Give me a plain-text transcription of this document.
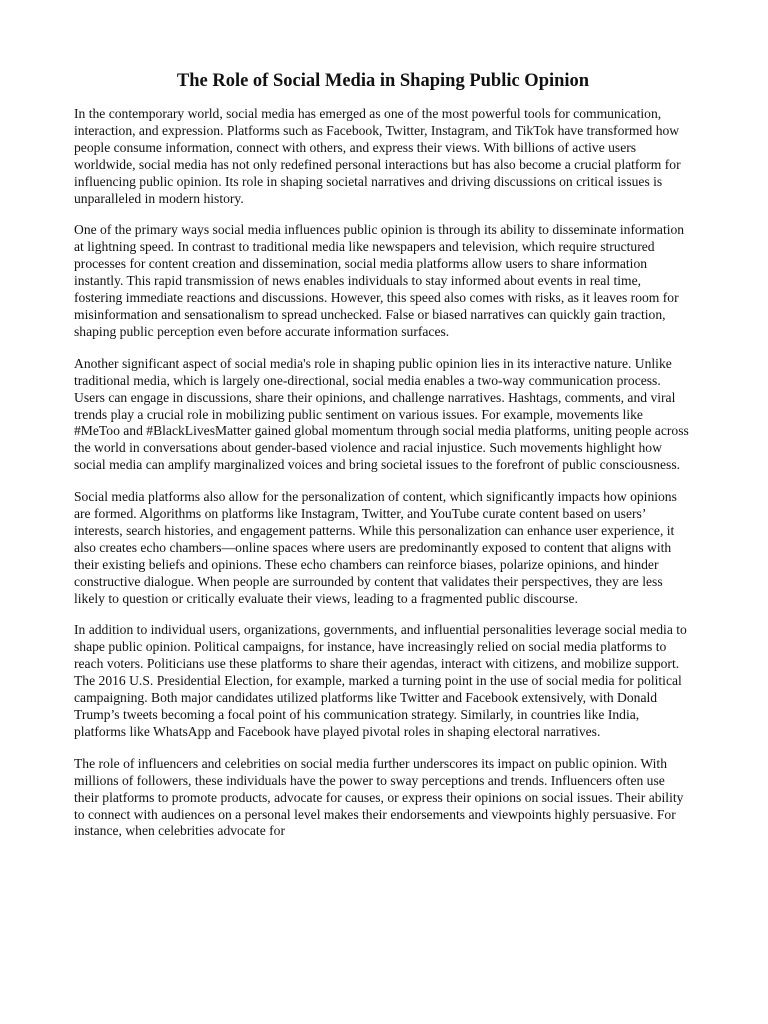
The Role of Social Media in Shaping Public Opinion

In the contemporary world, social media has emerged as one of the most powerful tools for communication, interaction, and expression. Platforms such as Facebook, Twitter, Instagram, and TikTok have transformed how people consume information, connect with others, and express their views. With billions of active users worldwide, social media has not only redefined personal interactions but has also become a crucial platform for influencing public opinion. Its role in shaping societal narratives and driving discussions on critical issues is unparalleled in modern history.

One of the primary ways social media influences public opinion is through its ability to disseminate information at lightning speed. In contrast to traditional media like newspapers and television, which require structured processes for content creation and dissemination, social media platforms allow users to share information instantly. This rapid transmission of news enables individuals to stay informed about events in real time, fostering immediate reactions and discussions. However, this speed also comes with risks, as it leaves room for misinformation and sensationalism to spread unchecked. False or biased narratives can quickly gain traction, shaping public perception even before accurate information surfaces.

Another significant aspect of social media's role in shaping public opinion lies in its interactive nature. Unlike traditional media, which is largely one-directional, social media enables a two-way communication process. Users can engage in discussions, share their opinions, and challenge narratives. Hashtags, comments, and viral trends play a crucial role in mobilizing public sentiment on various issues. For example, movements like #MeToo and #BlackLivesMatter gained global momentum through social media platforms, uniting people across the world in conversations about gender-based violence and racial injustice. Such movements highlight how social media can amplify marginalized voices and bring societal issues to the forefront of public consciousness.

Social media platforms also allow for the personalization of content, which significantly impacts how opinions are formed. Algorithms on platforms like Instagram, Twitter, and YouTube curate content based on users’ interests, search histories, and engagement patterns. While this personalization can enhance user experience, it also creates echo chambers—online spaces where users are predominantly exposed to content that aligns with their existing beliefs and opinions. These echo chambers can reinforce biases, polarize opinions, and hinder constructive dialogue. When people are surrounded by content that validates their perspectives, they are less likely to question or critically evaluate their views, leading to a fragmented public discourse.

In addition to individual users, organizations, governments, and influential personalities leverage social media to shape public opinion. Political campaigns, for instance, have increasingly relied on social media platforms to reach voters. Politicians use these platforms to share their agendas, interact with citizens, and mobilize support. The 2016 U.S. Presidential Election, for example, marked a turning point in the use of social media for political campaigning. Both major candidates utilized platforms like Twitter and Facebook extensively, with Donald Trump’s tweets becoming a focal point of his communication strategy. Similarly, in countries like India, platforms like WhatsApp and Facebook have played pivotal roles in shaping electoral narratives.

The role of influencers and celebrities on social media further underscores its impact on public opinion. With millions of followers, these individuals have the power to sway perceptions and trends. Influencers often use their platforms to promote products, advocate for causes, or express their opinions on social issues. Their ability to connect with audiences on a personal level makes their endorsements and viewpoints highly persuasive. For instance, when celebrities advocate for
